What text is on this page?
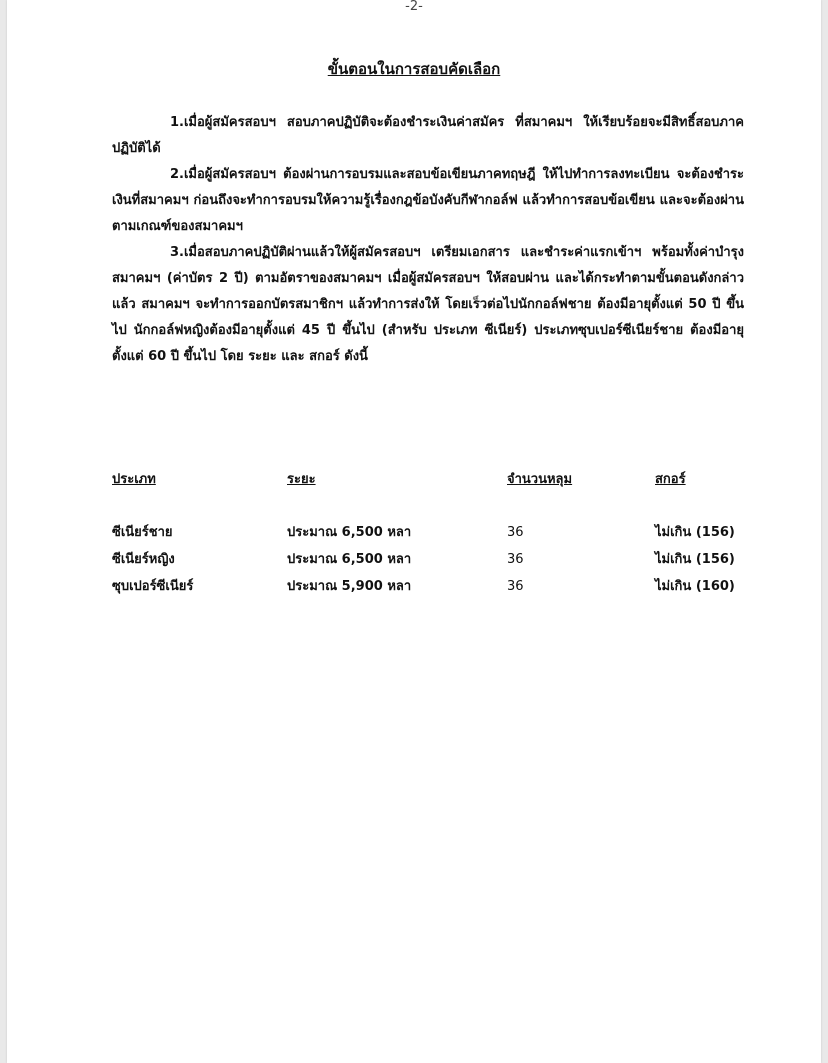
-2-
ขั้นตอนในการสอบคัดเลือก

1.เมื่อผู้สมัครสอบฯ สอบภาคปฏิบัติจะต้องชำระเงินค่าสมัคร ที่สมาคมฯ ให้เรียบร้อยจะมีสิทธิ์สอบภาคปฏิบัติได้

2.เมื่อผู้สมัครสอบฯ ต้องผ่านการอบรมและสอบข้อเขียนภาคทฤษฎี ให้ไปทำการลงทะเบียน จะต้องชำระเงินที่สมาคมฯ ก่อนถึงจะทำการอบรมให้ความรู้เรื่องกฎข้อบังคับกีฬากอล์ฟ แล้วทำการสอบข้อเขียน และจะต้องผ่านตามเกณฑ์ของสมาคมฯ

3.เมื่อสอบภาคปฏิบัติผ่านแล้วให้ผู้สมัครสอบฯ เตรียมเอกสาร และชำระค่าแรกเข้าฯ พร้อมทั้งค่าบำรุงสมาคมฯ (ค่าบัตร 2 ปี) ตามอัตราของสมาคมฯ เมื่อผู้สมัครสอบฯ ให้สอบผ่าน และได้กระทำตามขั้นตอนดังกล่าวแล้ว สมาคมฯ จะทำการออกบัตรสมาชิกฯ แล้วทำการส่งให้ โดยเร็วต่อไปนักกอล์ฟชาย ต้องมีอายุตั้งแต่ 50 ปี ขึ้นไป นักกอล์ฟหญิงต้องมีอายุตั้งแต่ 45 ปี ขึ้นไป (สำหรับ ประเภท ซีเนียร์) ประเภทซุบเปอร์ซีเนียร์ชาย ต้องมีอายุ ตั้งแต่ 60 ปี ขึ้นไป โดย ระยะ และ สกอร์ ดังนี้

ประเภท	ระยะ	จำนวนหลุม	สกอร์
ซีเนียร์ชาย	ประมาณ 6,500 หลา	36	ไม่เกิน (156)
ซีเนียร์หญิง	ประมาณ 6,500 หลา	36	ไม่เกิน (156)
ซุบเปอร์ซีเนียร์	ประมาณ 5,900 หลา	36	ไม่เกิน (160)
